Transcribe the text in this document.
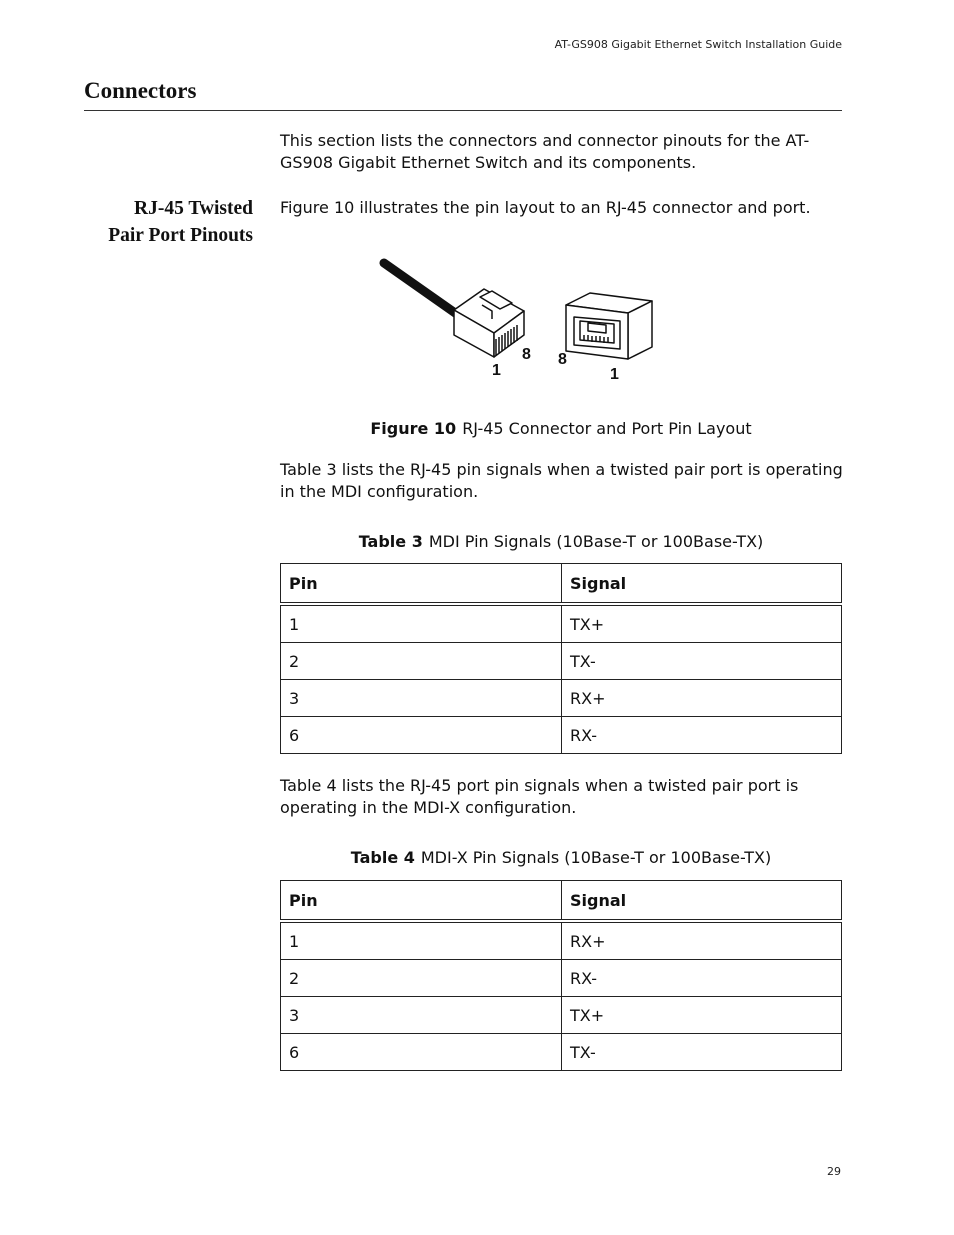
AT-GS908 Gigabit Ethernet Switch Installation Guide
Connectors

This section lists the connectors and connector pinouts for the AT-GS908 Gigabit Ethernet Switch and its components.

RJ-45 Twisted
Pair Port Pinouts

Figure 10 illustrates the pin layout to an RJ-45 connector and port.

1
8 8
1
Figure 10 RJ-45 Connector and Port Pin Layout

Table 3 lists the RJ-45 pin signals when a twisted pair port is operating in the MDI configuration.

Table 3 MDI Pin Signals (10Base-T or 100Base-TX)
Pin	Signal
1	TX+
2	TX-
3	RX+
6	RX-

Table 4 lists the RJ-45 port pin signals when a twisted pair port is operating in the MDI-X configuration.

Table 4 MDI-X Pin Signals (10Base-T or 100Base-TX)
Pin	Signal
1	RX+
2	RX-
3	TX+
6	TX-
29
